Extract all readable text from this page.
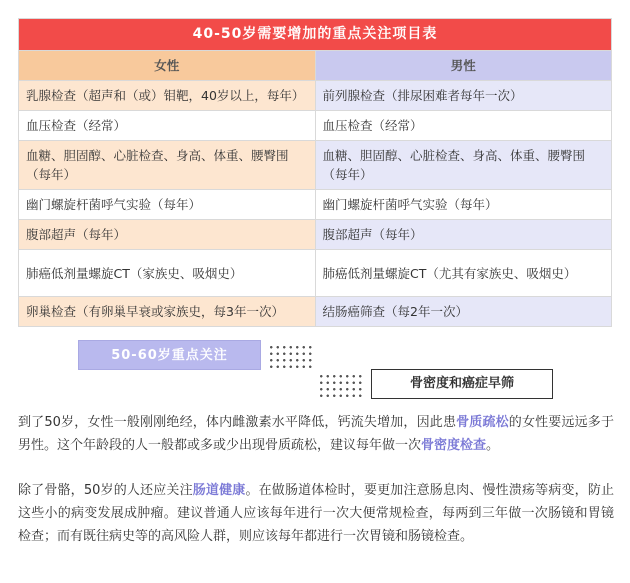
40-50岁需要增加的重点关注项目表	
女性	男性
乳腺检查（超声和（或）钼靶，40岁以上，每年）	前列腺检查（排尿困难者每年一次）
血压检查（经常）	血压检查（经常）
血糖、胆固醇、心脏检查、身高、体重、腰臀围（每年）	血糖、胆固醇、心脏检查、身高、体重、腰臀围（每年）
幽门螺旋杆菌呼气实验（每年）	幽门螺旋杆菌呼气实验（每年）
腹部超声（每年）	腹部超声（每年）
肺癌低剂量螺旋CT（家族史、吸烟史）	肺癌低剂量螺旋CT（尤其有家族史、吸烟史）
卵巢检查（有卵巢早衰或家族史，每3年一次）	结肠癌筛查（每2年一次）
50-60岁重点关注
骨密度和癌症早筛

到了50岁，女性一般刚刚绝经，体内雌激素水平降低，钙流失增加，因此患骨质疏松的女性要远远多于男性。这个年龄段的人一般都或多或少出现骨质疏松，建议每年做一次骨密度检查。

除了骨骼，50岁的人还应关注肠道健康。在做肠道体检时，要更加注意肠息肉、慢性溃疡等病变，防止这些小的病变发展成肿瘤。建议普通人应该每年进行一次大便常规检查，每两到三年做一次肠镜和胃镜检查；而有既往病史等的高风险人群，则应该每年都进行一次胃镜和肠镜检查。
